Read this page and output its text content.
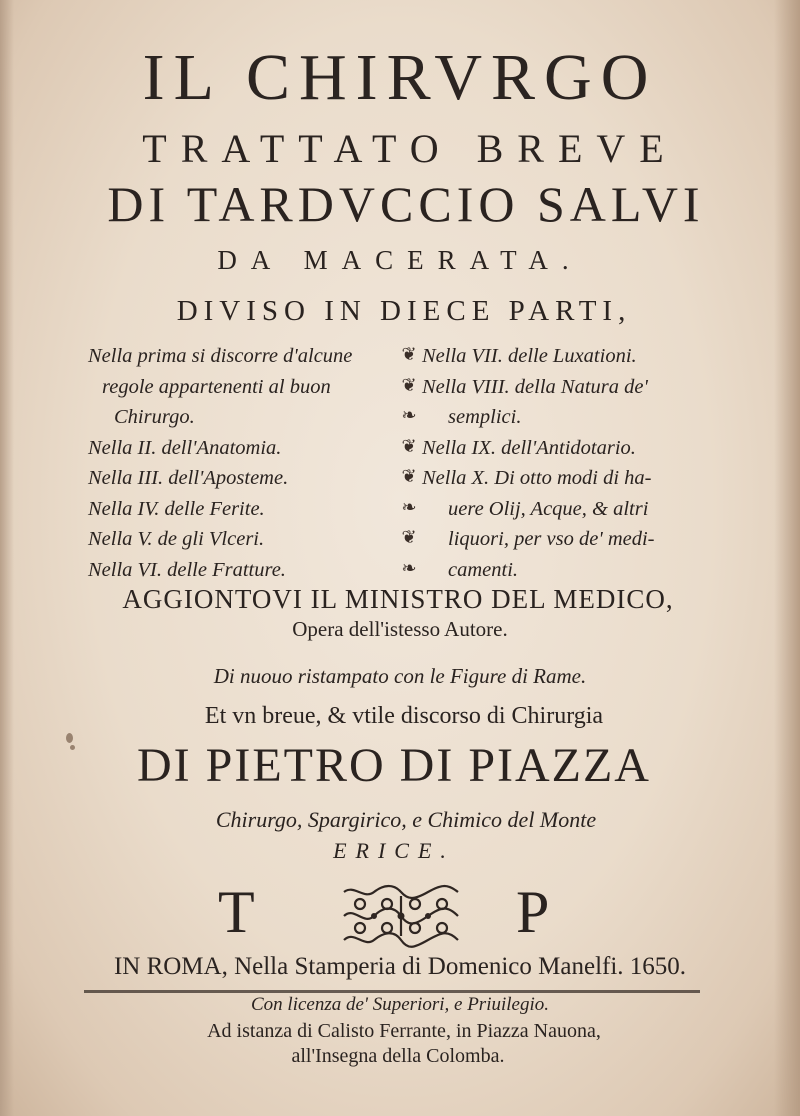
IL CHIRVRGO
TRATTATO BREVE
DI TARDVCCIO SALVI
DA MACERATA.
DIVISO IN DIECE PARTI,
Nella prima si discorre d'alcune
regole appartenenti al buon
Chirurgo.
Nella II. dell'Anatomia.
Nella III. dell'Aposteme.
Nella IV. delle Ferite.
Nella V. de gli Vlceri.
Nella VI. delle Fratture.
❦
❦
❧
❦
❦
❧
❦
❧
Nella VII. delle Luxationi.
Nella VIII. della Natura de'
semplici.
Nella IX. dell'Antidotario.
Nella X. Di otto modi di ha-
uere Olij, Acque, & altri
liquori, per vso de' medi-
camenti.
AGGIONTOVI IL MINISTRO DEL MEDICO,
Opera dell'istesso Autore.
Di nuouo ristampato con le Figure di Rame.
Et vn breue, & vtile discorso di Chirurgia
DI PIETRO DI PIAZZA
Chirurgo, Spargirico, e Chimico del Monte
ERICE.
T	P
IN ROMA, Nella Stamperia di Domenico Manelfi. 1650.
Con licenza de' Superiori, e Priuilegio.
Ad istanza di Calisto Ferrante, in Piazza Nauona,
all'Insegna della Colomba.
